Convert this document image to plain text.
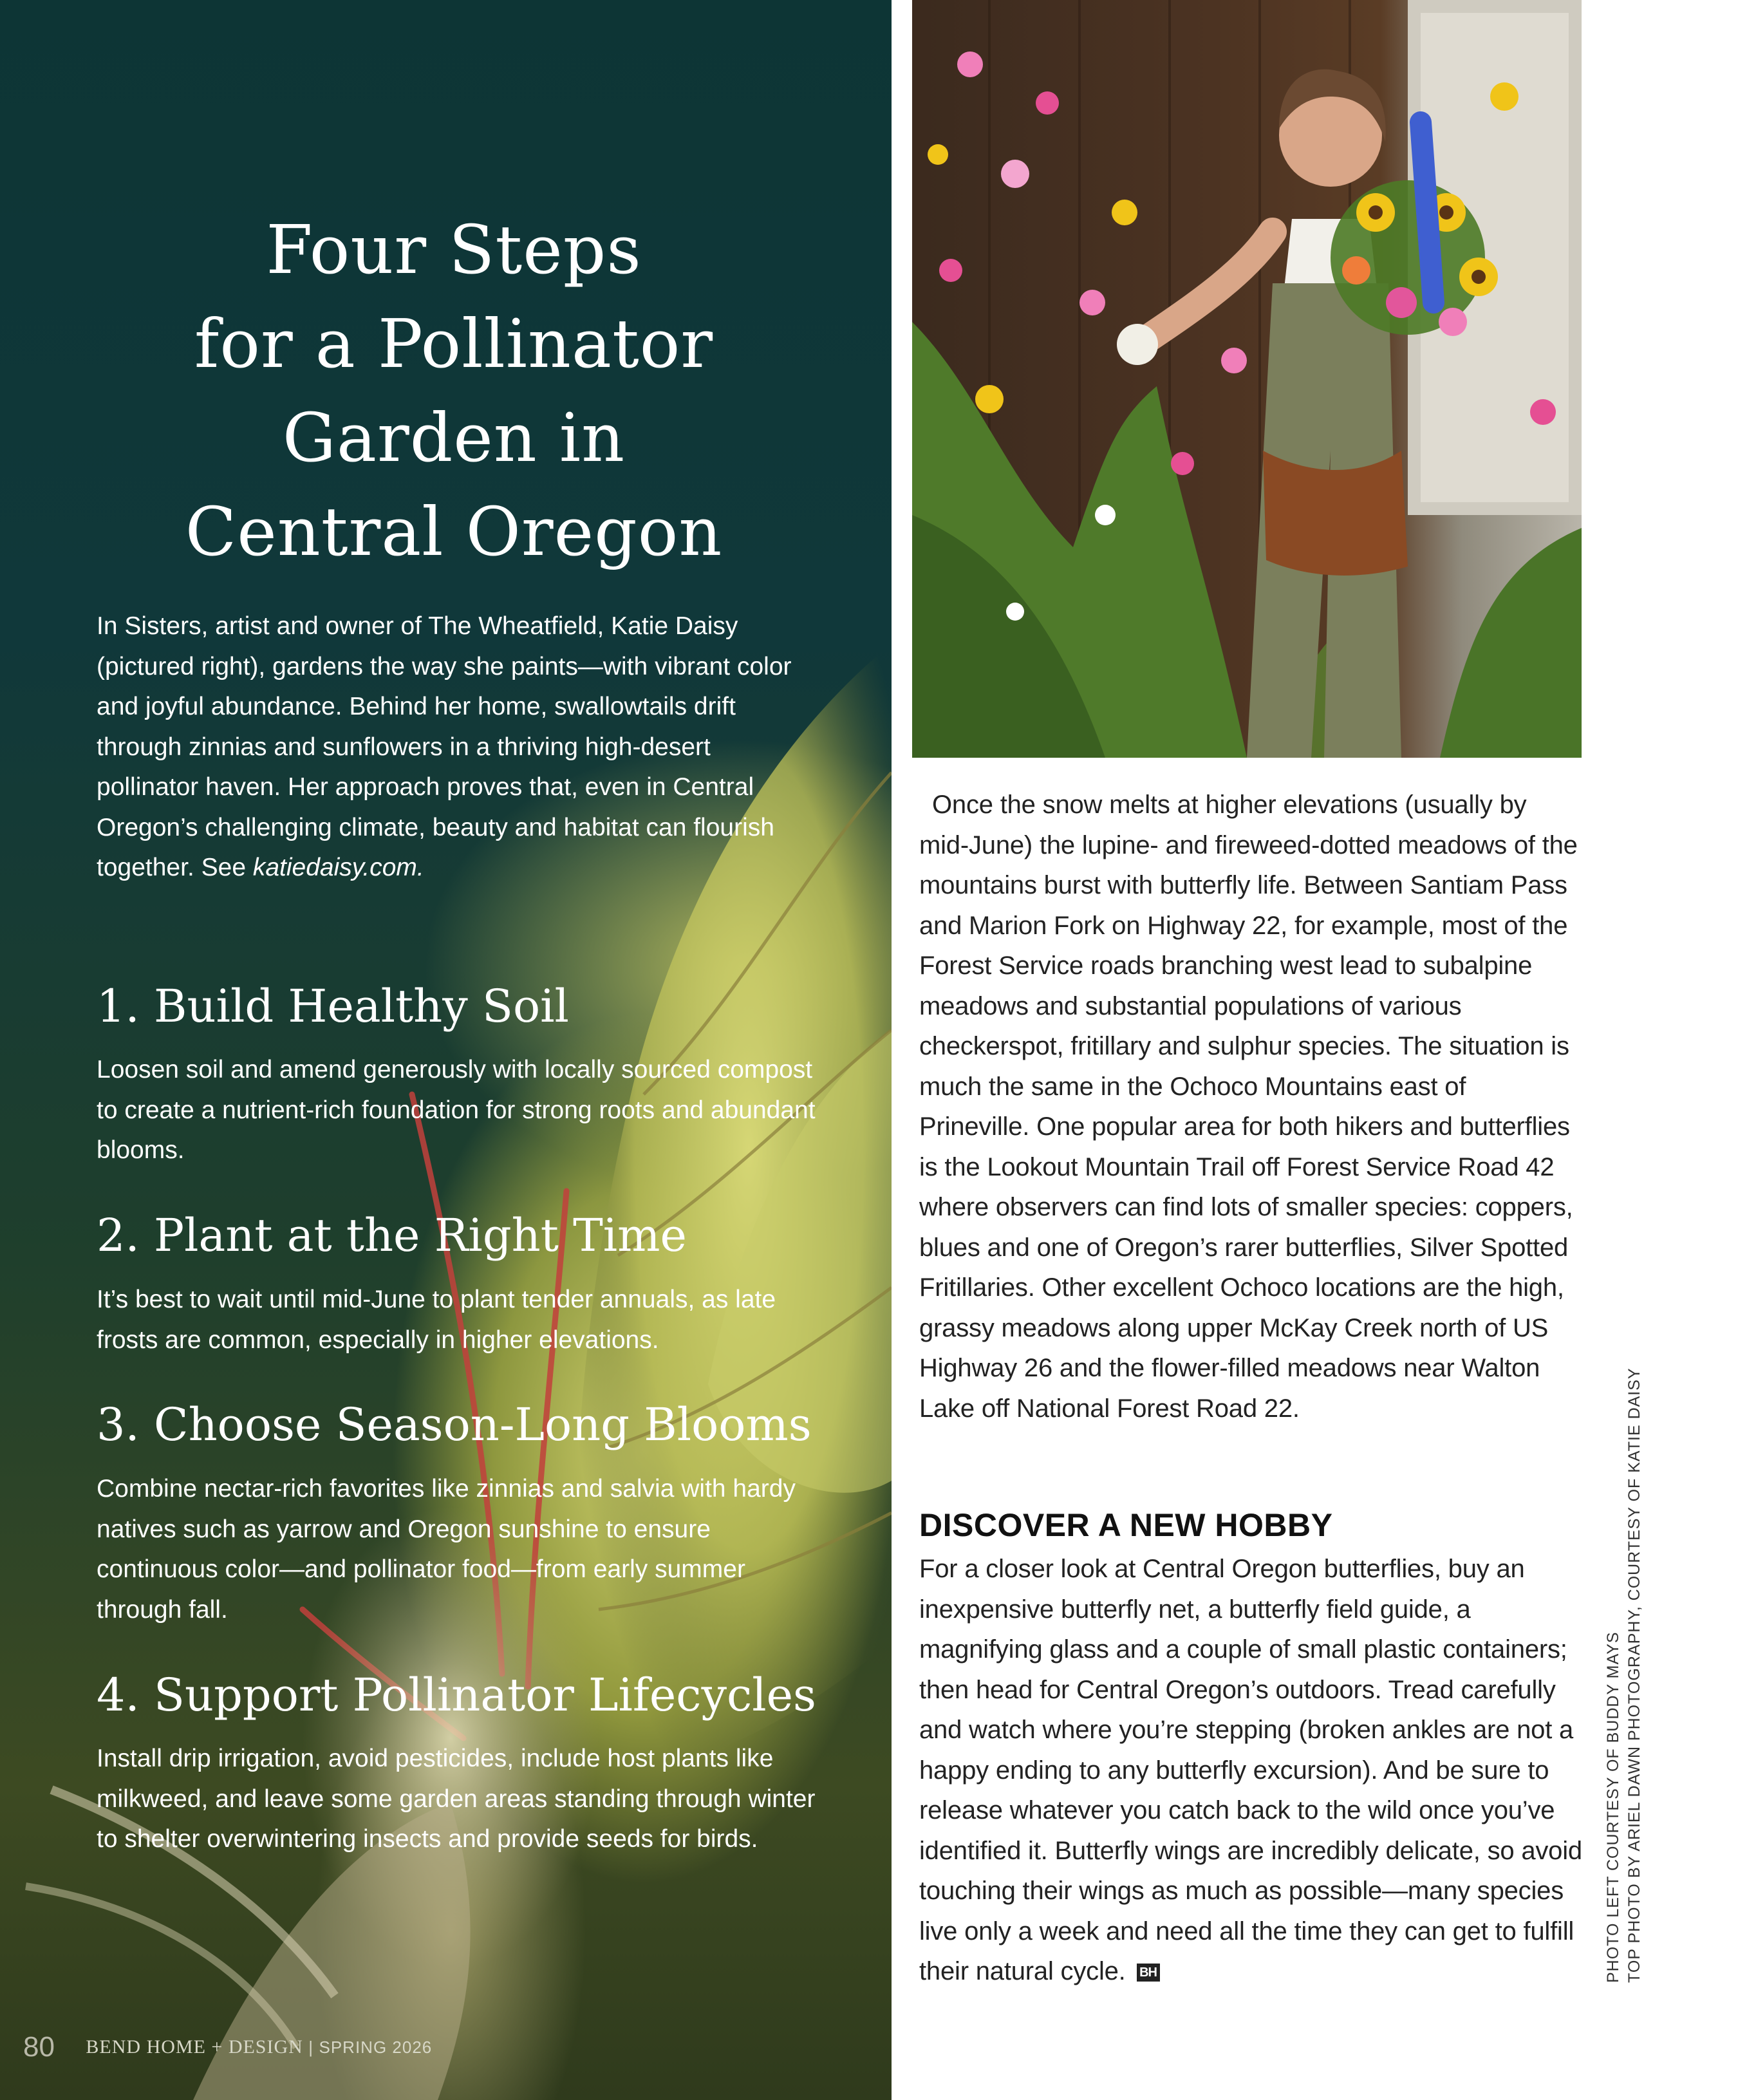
Four Steps
for a Pollinator
Garden in
Central Oregon

In Sisters, artist and owner of The Wheatfield, Katie Daisy (pictured right), gardens the way she paints—with vibrant color and joyful abundance. Behind her home, swallowtails drift through zinnias and sunflowers in a thriving high-desert pollinator haven. Her approach proves that, even in Central Oregon’s challenging climate, beauty and habitat can flourish together. See katiedaisy.com.

1. Build Healthy Soil

Loosen soil and amend generously with locally sourced compost to create a nutrient-rich foundation for strong roots and abundant blooms.

2. Plant at the Right Time

It’s best to wait until mid-June to plant tender annuals, as late frosts are common, especially in higher elevations.

3. Choose Season-Long Blooms

Combine nectar-rich favorites like zinnias and salvia with hardy natives such as yarrow and Oregon sunshine to ensure continuous color—and pollinator food—from early summer through fall.

4. Support Pollinator Lifecycles

Install drip irrigation, avoid pesticides, include host plants like milkweed, and leave some garden areas standing through winter to shelter overwintering insects and provide seeds for birds.

80 BEND HOME + DESIGN | SPRING 2026

Once the snow melts at higher elevations (usually by mid-June) the lupine- and fireweed-dotted meadows of the mountains burst with butterfly life. Between Santiam Pass and Marion Fork on Highway 22, for example, most of the Forest Service roads branching west lead to subalpine meadows and substantial populations of various checkerspot, fritillary and sulphur species. The situation is much the same in the Ochoco Mountains east of Prineville. One popular area for both hikers and butterflies is the Lookout Mountain Trail off Forest Service Road 42 where observers can find lots of smaller species: coppers, blues and one of Oregon’s rarer butterflies, Silver Spotted Fritillaries. Other excellent Ochoco locations are the high, grassy meadows along upper McKay Creek north of US Highway 26 and the flower-filled meadows near Walton Lake off National Forest Road 22.

DISCOVER A NEW HOBBY

For a closer look at Central Oregon butterflies, buy an inexpensive butterfly net, a butterfly field guide, a magnifying glass and a couple of small plastic containers; then head for Central Oregon’s outdoors. Tread carefully and watch where you’re stepping (broken ankles are not a happy ending to any butterfly excursion). And be sure to release whatever you catch back to the wild once you’ve identified it. Butterfly wings are incredibly delicate, so avoid touching their wings as much as possible—many species live only a week and need all the time they can get to fulfill their natural cycle. BH	PHOTO LEFT COURTESY OF BUDDY MAYS TOP PHOTO BY ARIEL DAWN PHOTOGRAPHY, COURTESY OF KATIE DAISY
